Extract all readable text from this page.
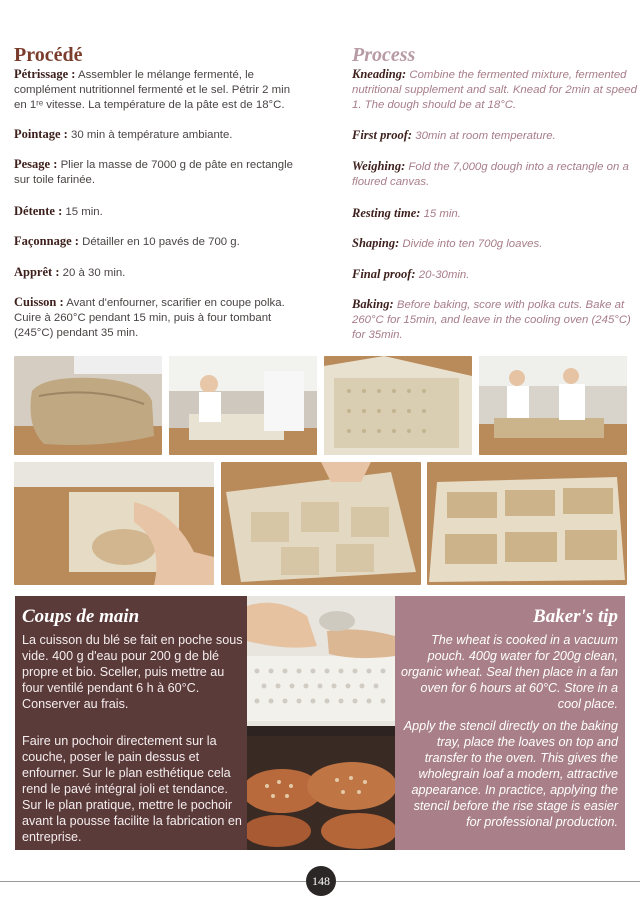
Procédé

Pétrissage : Assembler le mélange fermenté, le complément nutritionnel fermenté et le sel. Pétrir 2 min en 1ʳᵉ vitesse. La température de la pâte est de 18°C.

Pointage : 30 min à température ambiante.

Pesage : Plier la masse de 7000 g de pâte en rectangle sur toile farinée.

Détente : 15 min.

Façonnage : Détailler en 10 pavés de 700 g.

Apprêt : 20 à 30 min.

Cuisson : Avant d'enfourner, scarifier en coupe polka. Cuire à 260°C pendant 15 min, puis à four tombant (245°C) pendant 35 min.

Process

Kneading: Combine the fermented mixture, fermented nutritional supplement and salt. Knead for 2min at speed 1. The dough should be at 18°C.

First proof: 30min at room temperature.

Weighing: Fold the 7,000g dough into a rectangle on a floured canvas.

Resting time: 15 min.

Shaping: Divide into ten 700g loaves.

Final proof: 20-30min.

Baking: Before baking, score with polka cuts. Bake at 260°C for 15min, and leave in the cooling oven (245°C) for 35min.

Coups de main

La cuisson du blé se fait en poche sous vide. 400 g d'eau pour 200 g de blé propre et bio. Sceller, puis mettre au four ventilé pendant 6 h à 60°C. Conserver au frais.

Faire un pochoir directement sur la couche, poser le pain dessus et enfourner. Sur le plan esthétique cela rend le pavé intégral joli et tendance. Sur le plan pratique, mettre le pochoir avant la pousse facilite la fabrication en entreprise.

Baker's tip

The wheat is cooked in a vacuum pouch. 400g water for 200g clean, organic wheat. Seal then place in a fan oven for 6 hours at 60°C. Store in a cool place.

Apply the stencil directly on the baking tray, place the loaves on top and transfer to the oven. This gives the wholegrain loaf a modern, attractive appearance. In practice, applying the stencil before the rise stage is easier for professional production.

148
